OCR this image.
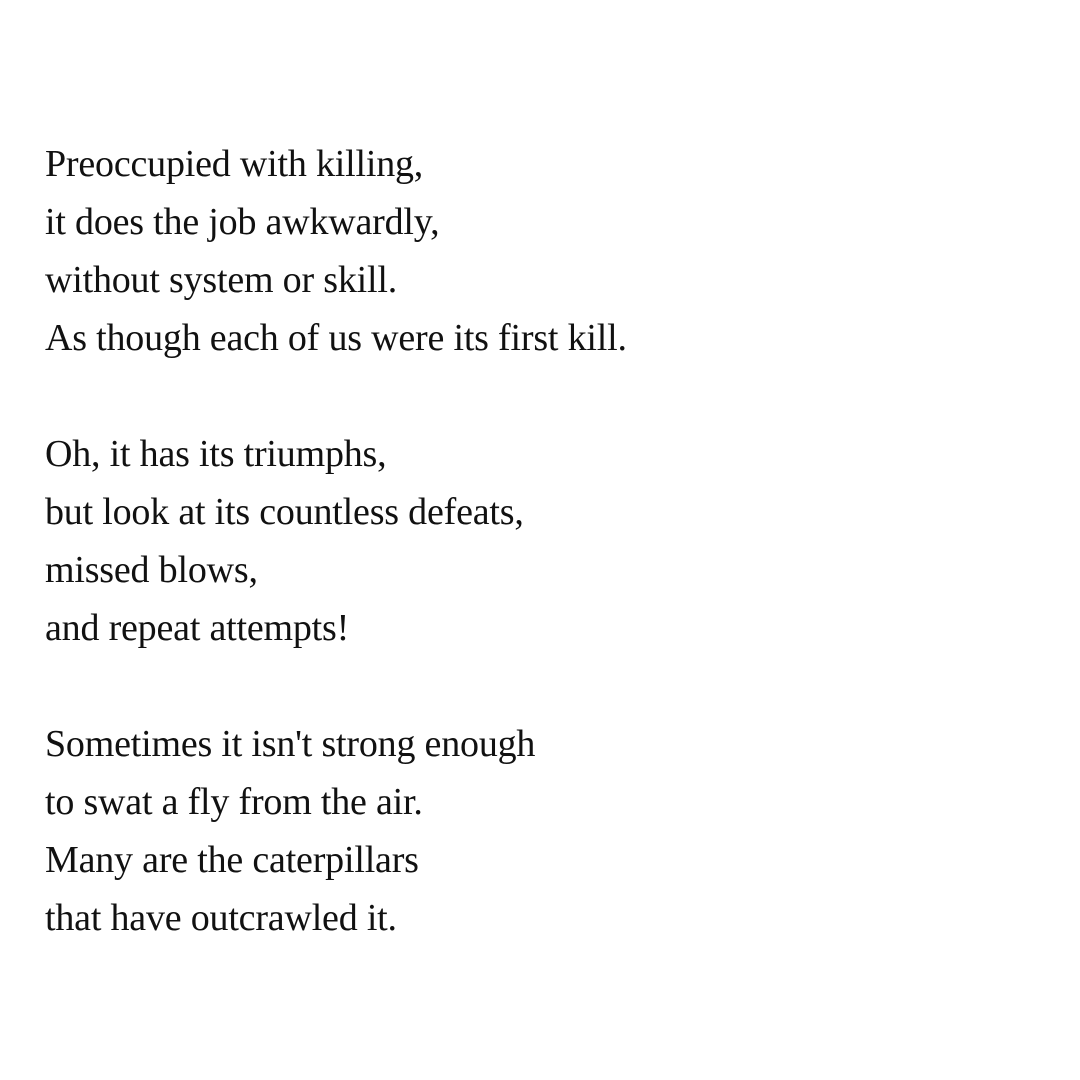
Preoccupied with killing,
it does the job awkwardly,
without system or skill.
As though each of us were its first kill.
Oh, it has its triumphs,
but look at its countless defeats,
missed blows,
and repeat attempts!
Sometimes it isn't strong enough
to swat a fly from the air.
Many are the caterpillars
that have outcrawled it.
